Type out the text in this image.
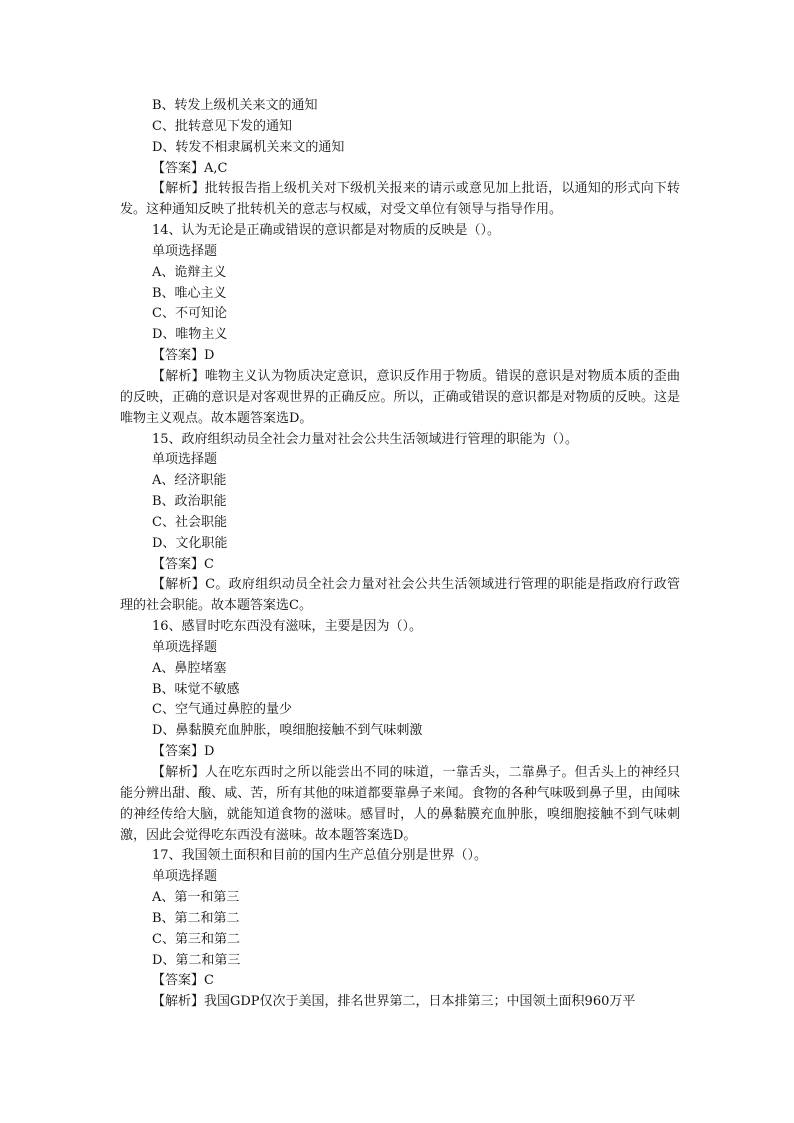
B、转发上级机关来文的通知
C、批转意见下发的通知
D、转发不相隶属机关来文的通知
【答案】A,C
【解析】批转报告指上级机关对下级机关报来的请示或意见加上批语，以通知的形式向下转发。这种通知反映了批转机关的意志与权威，对受文单位有领导与指导作用。
14、认为无论是正确或错误的意识都是对物质的反映是（）。
单项选择题
A、诡辩主义
B、唯心主义
C、不可知论
D、唯物主义
【答案】D
【解析】唯物主义认为物质决定意识，意识反作用于物质。错误的意识是对物质本质的歪曲的反映，正确的意识是对客观世界的正确反应。所以，正确或错误的意识都是对物质的反映。这是唯物主义观点。故本题答案选D。
15、政府组织动员全社会力量对社会公共生活领域进行管理的职能为（）。
单项选择题
A、经济职能
B、政治职能
C、社会职能
D、文化职能
【答案】C
【解析】C。政府组织动员全社会力量对社会公共生活领域进行管理的职能是指政府行政管理的社会职能。故本题答案选C。
16、感冒时吃东西没有滋味，主要是因为（）。
单项选择题
A、鼻腔堵塞
B、味觉不敏感
C、空气通过鼻腔的量少
D、鼻黏膜充血肿胀，嗅细胞接触不到气味刺激
【答案】D
【解析】人在吃东西时之所以能尝出不同的味道，一靠舌头，二靠鼻子。但舌头上的神经只能分辨出甜、酸、咸、苦，所有其他的味道都要靠鼻子来闻。食物的各种气味吸到鼻子里，由闻味的神经传给大脑，就能知道食物的滋味。感冒时，人的鼻黏膜充血肿胀，嗅细胞接触不到气味刺激，因此会觉得吃东西没有滋味。故本题答案选D。
17、我国领土面积和目前的国内生产总值分别是世界（）。
单项选择题
A、第一和第三
B、第二和第二
C、第三和第二
D、第二和第三
【答案】C
【解析】我国GDP仅次于美国，排名世界第二，日本排第三；中国领土面积960万平
